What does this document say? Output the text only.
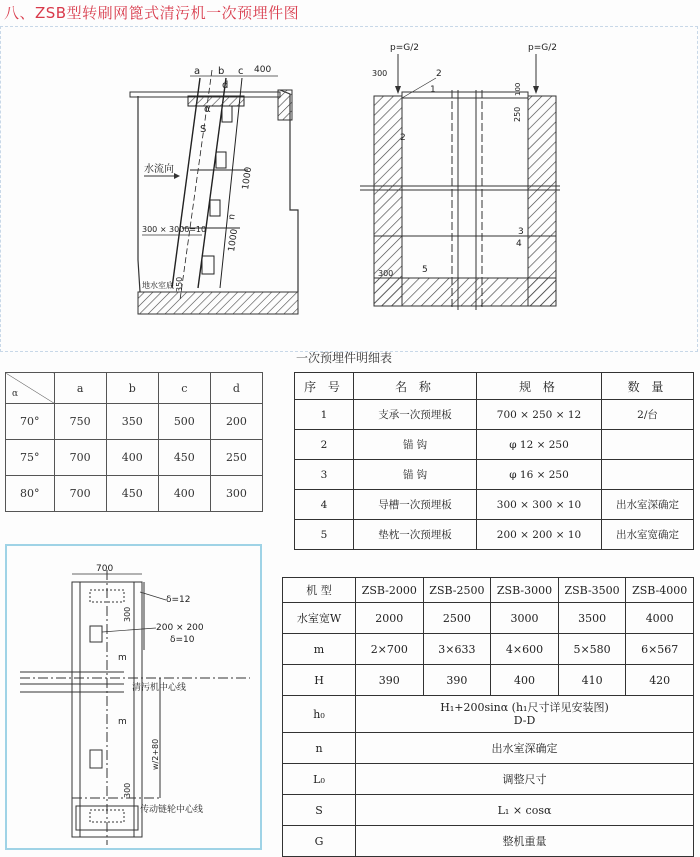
八、ZSB型转刷网篦式清污机一次预埋件图
a b c 400
d
S
α
水流向	1000
n
1000
300 × 300δ=10
地水室底 350
p=G/2	p=G/2
300	2
1	100
250
2
3
4
5
300
α	a	b	c	d
70°	750	350	500	200
75°	700	400	450	250
80°	700	450	400	300
一次预埋件明细表
序 号	名 称	规 格	数 量
1	支承一次预埋板	700 × 250 × 12	2/台
2	锚 钩	φ 12 × 250	
3	锚 钩	φ 16 × 250	
4	导槽一次预埋板	300 × 300 × 10	出水室深确定
5	垫枕一次预埋板	200 × 200 × 10	出水室宽确定
700
δ=12
200 × 200
δ=10
300
m
m
清污机中心线
w/2+80
300
传动链轮中心线
机 型	ZSB-2000	ZSB-2500	ZSB-3000	ZSB-3500	ZSB-4000
水室宽W	2000	2500	3000	3500	4000
m	2×700	3×633	4×600	5×580	6×567
H	390	390	400	410	420
h₀	H₁+200sinα (h₁尺寸详见安装图)
D-D				

n	出水室深确定				
L₀	调整尺寸				
S	L₁ × cosα				
G	整机重量				
